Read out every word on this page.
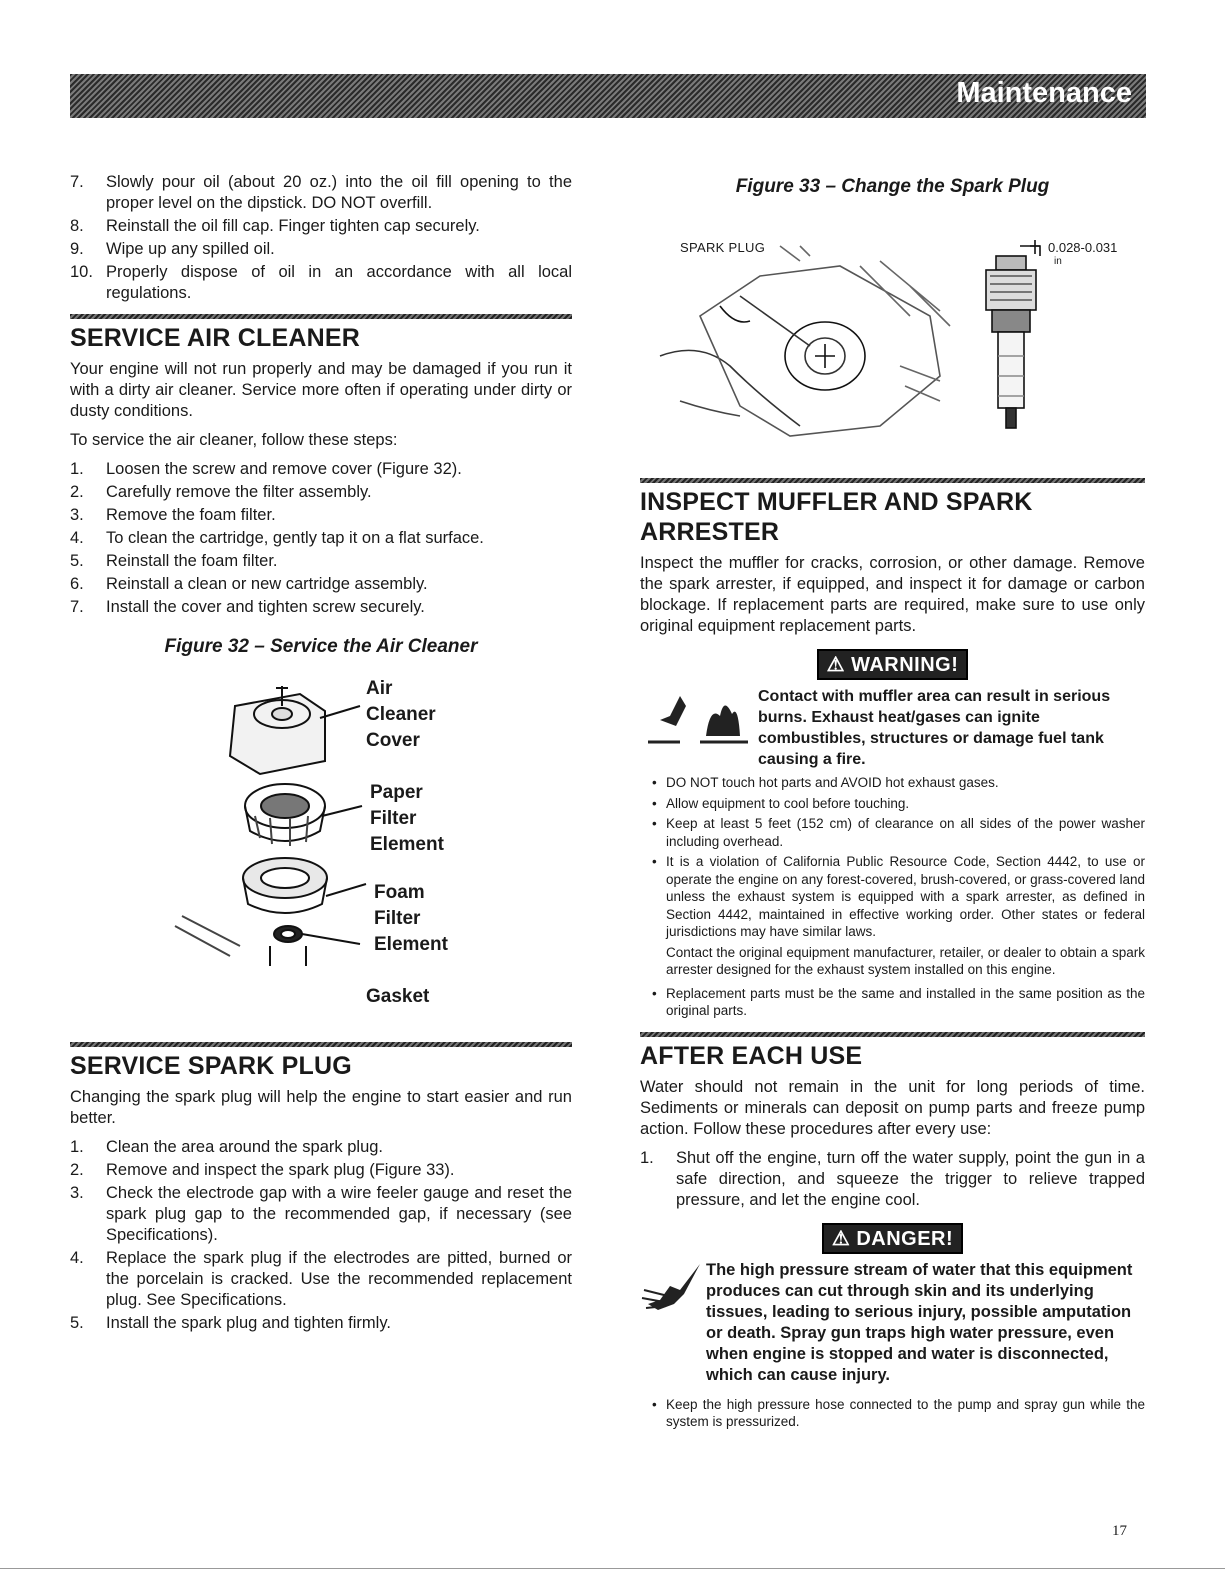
Maintenance
7. Slowly pour oil (about 20 oz.) into the oil fill opening to the proper level on the dipstick. DO NOT overfill.
8. Reinstall the oil fill cap. Finger tighten cap securely.
9. Wipe up any spilled oil.
10. Properly dispose of oil in an accordance with all local regulations.
SERVICE AIR CLEANER

Your engine will not run properly and may be damaged if you run it with a dirty air cleaner. Service more often if operating under dirty or dusty conditions.

To service the air cleaner, follow these steps:

1. Loosen the screw and remove cover (Figure 32).
2. Carefully remove the filter assembly.
3. Remove the foam filter.
4. To clean the cartridge, gently tap it on a flat surface.
5. Reinstall the foam filter.
6. Reinstall a clean or new cartridge assembly.
7. Install the cover and tighten screw securely.
Figure 32 – Service the Air Cleaner
Air
Cleaner
Cover
Paper
Filter
Element
Foam
Filter
Element
Gasket
SERVICE SPARK PLUG

Changing the spark plug will help the engine to start easier and run better.

1. Clean the area around the spark plug.
2. Remove and inspect the spark plug (Figure 33).
3. Check the electrode gap with a wire feeler gauge and reset the spark plug gap to the recommended gap, if necessary (see Specifications).
4. Replace the spark plug if the electrodes are pitted, burned or the porcelain is cracked. Use the recommended replacement plug. See Specifications.
5. Install the spark plug and tighten firmly.
Figure 33 – Change the Spark Plug
SPARK PLUG	0.028-0.031
in
INSPECT MUFFLER AND SPARK ARRESTER

Inspect the muffler for cracks, corrosion, or other damage. Remove the spark arrester, if equipped, and inspect it for damage or carbon blockage. If replacement parts are required, make sure to use only original equipment replacement parts.

⚠ WARNING!
Contact with muffler area can result in serious burns. Exhaust heat/gases can ignite combustibles, structures or damage fuel tank causing a fire.
• DO NOT touch hot parts and AVOID hot exhaust gases.
• Allow equipment to cool before touching.
• Keep at least 5 feet (152 cm) of clearance on all sides of the power washer including overhead.
• It is a violation of California Public Resource Code, Section 4442, to use or operate the engine on any forest-covered, brush-covered, or grass-covered land unless the exhaust system is equipped with a spark arrester, as defined in Section 4442, maintained in effective working order. Other states or federal jurisdictions may have similar laws.
Contact the original equipment manufacturer, retailer, or dealer to obtain a spark arrester designed for the exhaust system installed on this engine.
• Replacement parts must be the same and installed in the same position as the original parts.
AFTER EACH USE

Water should not remain in the unit for long periods of time. Sediments or minerals can deposit on pump parts and freeze pump action. Follow these procedures after every use:

1. Shut off the engine, turn off the water supply, point the gun in a safe direction, and squeeze the trigger to relieve trapped pressure, and let the engine cool.
⚠ DANGER!
The high pressure stream of water that this equipment produces can cut through skin and its underlying tissues, leading to serious injury, possible amputation or death. Spray gun traps high water pressure, even when engine is stopped and water is disconnected, which can cause injury.
• Keep the high pressure hose connected to the pump and spray gun while the system is pressurized.
17
